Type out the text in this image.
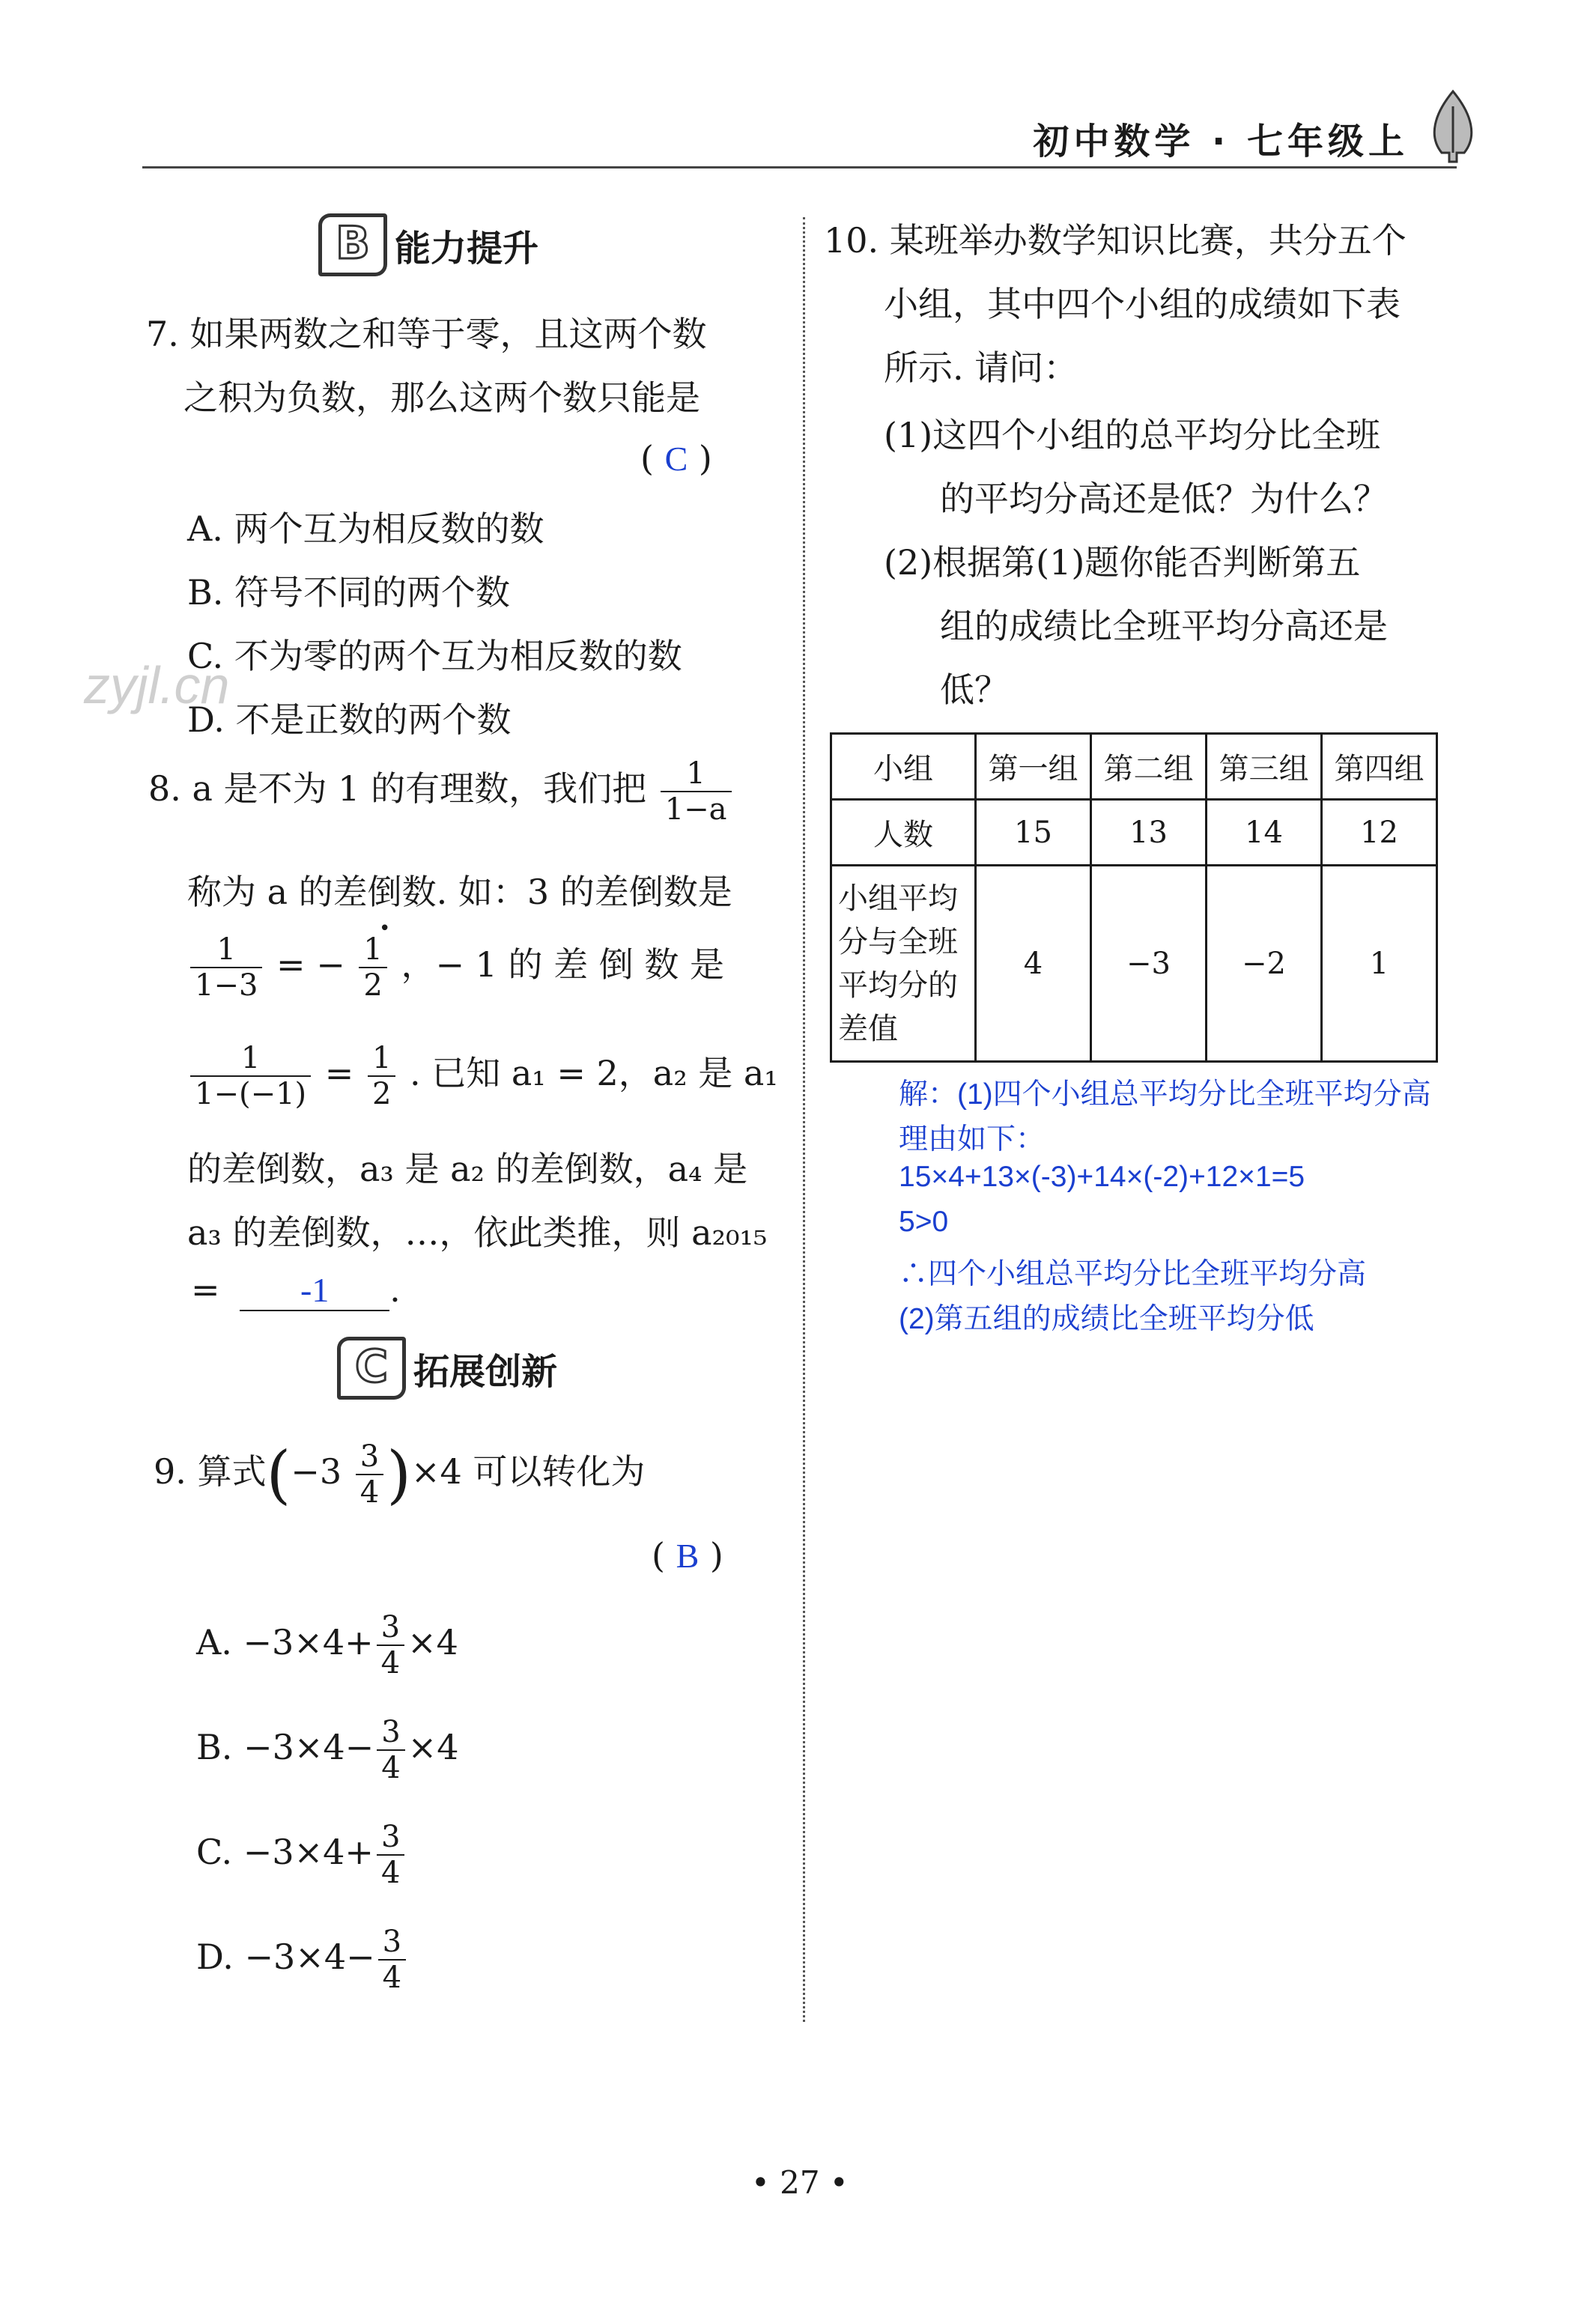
初中数学 · 七年级上
B 能力提升
7. 如果两数之和等于零，且这两个数
之积为负数，那么这两个数只能是
( C )
A. 两个互为相反数的数
B. 符号不同的两个数
C. 不为零的两个互为相反数的数
D. 不是正数的两个数
8. a 是不为 1 的有理数，我们把 $\frac{1}{1-a}$
称为 a 的差倒数. 如：3 的差倒数是
$\frac{1}{1-3}$ = − $\frac{1}{2}$ ，− 1 的 差 倒 数 是
$\frac{1}{1-(-1)} = \frac{1}{2}$ . 已知 a₁ = 2，a₂ 是 a₁
的差倒数，a₃ 是 a₂ 的差倒数，a₄ 是
a₃ 的差倒数，…，依此类推，则 a₂₀₁₅
= -1 .
C 拓展创新
9. 算式$(-3 \frac{3}{4} )\times 4$ 可以转化为
( B )
A. $-3\times 4+ \frac{3}{4} \times 4$
B. $-3\times 4- \frac{3}{4} \times 4$
C. $-3\times 4+ \frac{3}{4}$
D. $-3\times 4- \frac{3}{4}$
10. 某班举办数学知识比赛，共分五个
小组，其中四个小组的成绩如下表
所示. 请问：
(1)这四个小组的总平均分比全班
的平均分高还是低？为什么？
(2)根据第(1)题你能否判断第五
组的成绩比全班平均分高还是
低？
小组	第一组	第二组	第三组	第四组
人数	15	13	14	12

小组平均
分与全班
平均分的
差值	4	−3	−2	1
解：(1)四个小组总平均分比全班平均分高
理由如下：
15×4+13×(-3)+14×(-2)+12×1=5
5>0
∴四个小组总平均分比全班平均分高
(2)第五组的成绩比全班平均分低
zyjl.cn
• 27 •
